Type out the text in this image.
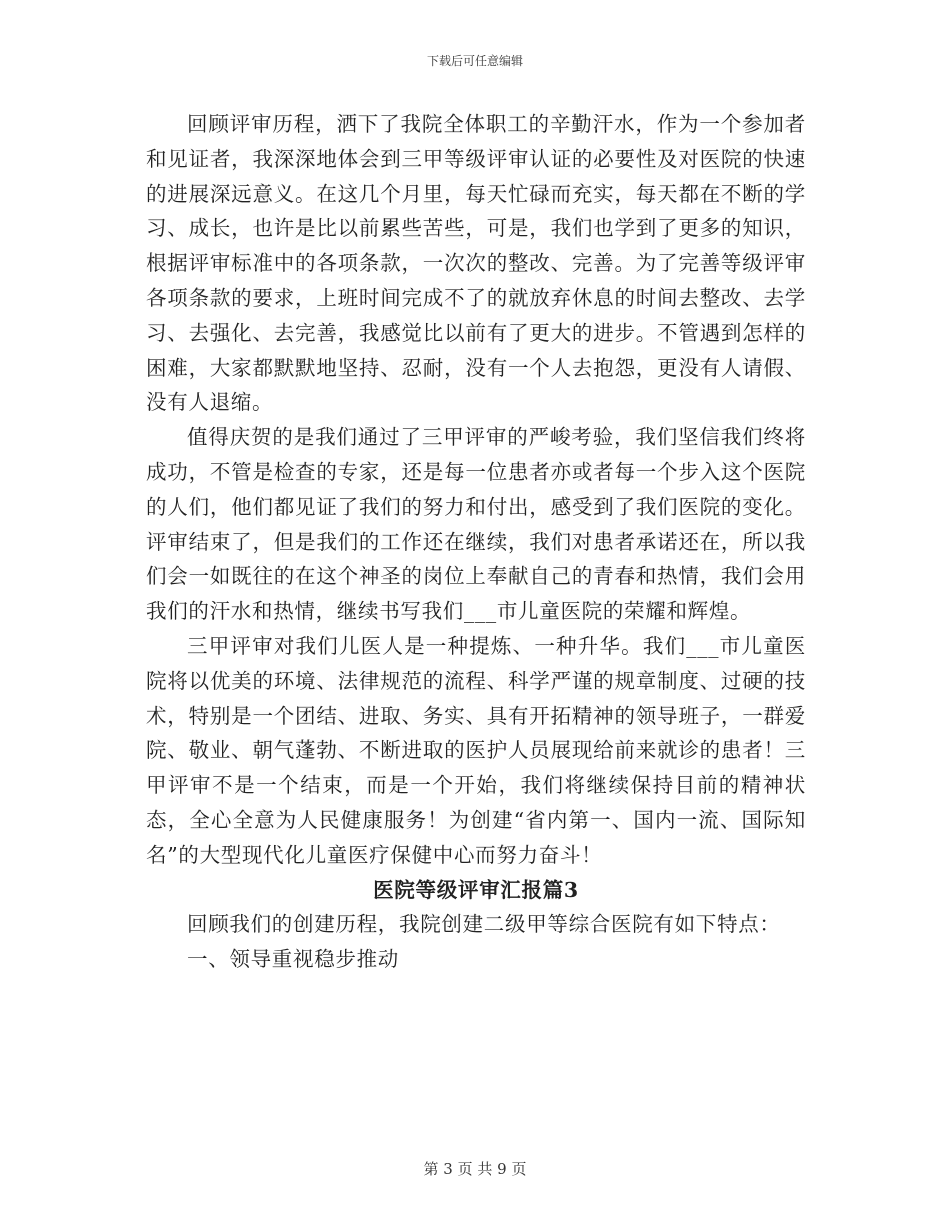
下载后可任意编辑

回顾评审历程，洒下了我院全体职工的辛勤汗水，作为一个参加者和见证者，我深深地体会到三甲等级评审认证的必要性及对医院的快速的进展深远意义。在这几个月里，每天忙碌而充实，每天都在不断的学习、成长，也许是比以前累些苦些，可是，我们也学到了更多的知识，根据评审标准中的各项条款，一次次的整改、完善。为了完善等级评审各项条款的要求，上班时间完成不了的就放弃休息的时间去整改、去学习、去强化、去完善，我感觉比以前有了更大的进步。不管遇到怎样的困难，大家都默默地坚持、忍耐，没有一个人去抱怨，更没有人请假、没有人退缩。

值得庆贺的是我们通过了三甲评审的严峻考验，我们坚信我们终将成功，不管是检查的专家，还是每一位患者亦或者每一个步入这个医院的人们，他们都见证了我们的努力和付出，感受到了我们医院的变化。评审结束了，但是我们的工作还在继续，我们对患者承诺还在，所以我们会一如既往的在这个神圣的岗位上奉献自己的青春和热情，我们会用我们的汗水和热情，继续书写我们___市儿童医院的荣耀和辉煌。

三甲评审对我们儿医人是一种提炼、一种升华。我们___市儿童医院将以优美的环境、法律规范的流程、科学严谨的规章制度、过硬的技术，特别是一个团结、进取、务实、具有开拓精神的领导班子，一群爱院、敬业、朝气蓬勃、不断进取的医护人员展现给前来就诊的患者！三甲评审不是一个结束，而是一个开始，我们将继续保持目前的精神状态，全心全意为人民健康服务！为创建“省内第一、国内一流、国际知名”的大型现代化儿童医疗保健中心而努力奋斗！

医院等级评审汇报篇3

回顾我们的创建历程，我院创建二级甲等综合医院有如下特点：

一、领导重视稳步推动

第 3 页 共 9 页
